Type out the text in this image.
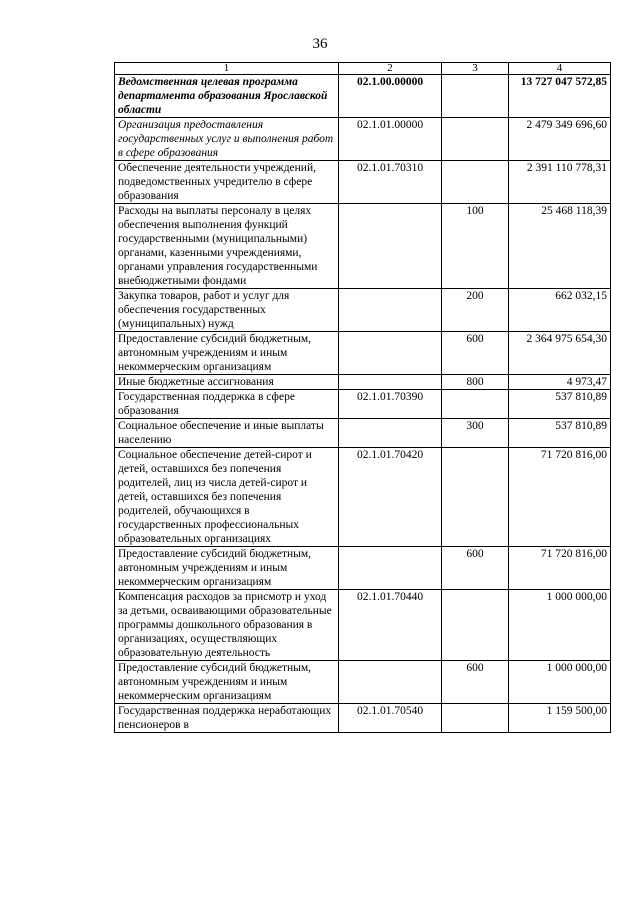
36
1	2	3	4
Ведомственная целевая программа департамента образования Ярославской области	02.1.00.00000		13 727 047 572,85
Организация предоставления государственных услуг и выполнения работ в сфере образования	02.1.01.00000		2 479 349 696,60
Обеспечение деятельности учреждений, подведомственных учредителю в сфере образования	02.1.01.70310		2 391 110 778,31
Расходы на выплаты персоналу в целях обеспечения выполнения функций государственными (муниципальными) органами, казенными учреждениями, органами управления государственными внебюджетными фондами		100	25 468 118,39
Закупка товаров, работ и услуг для обеспечения государственных (муниципальных) нужд		200	662 032,15
Предоставление субсидий бюджетным, автономным учреждениям и иным некоммерческим организациям		600	2 364 975 654,30
Иные бюджетные ассигнования		800	4 973,47
Государственная поддержка в сфере образования	02.1.01.70390		537 810,89
Социальное обеспечение и иные выплаты населению		300	537 810,89
Социальное обеспечение детей-сирот и детей, оставшихся без попечения родителей, лиц из числа детей-сирот и детей, оставшихся без попечения родителей, обучающихся в государственных профессиональных образовательных организациях	02.1.01.70420		71 720 816,00
Предоставление субсидий бюджетным, автономным учреждениям и иным некоммерческим организациям		600	71 720 816,00
Компенсация расходов за присмотр и уход за детьми, осваивающими образовательные программы дошкольного образования в организациях, осуществляющих образовательную деятельность	02.1.01.70440		1 000 000,00
Предоставление субсидий бюджетным, автономным учреждениям и иным некоммерческим организациям		600	1 000 000,00
Государственная поддержка неработающих пенсионеров в	02.1.01.70540		1 159 500,00
